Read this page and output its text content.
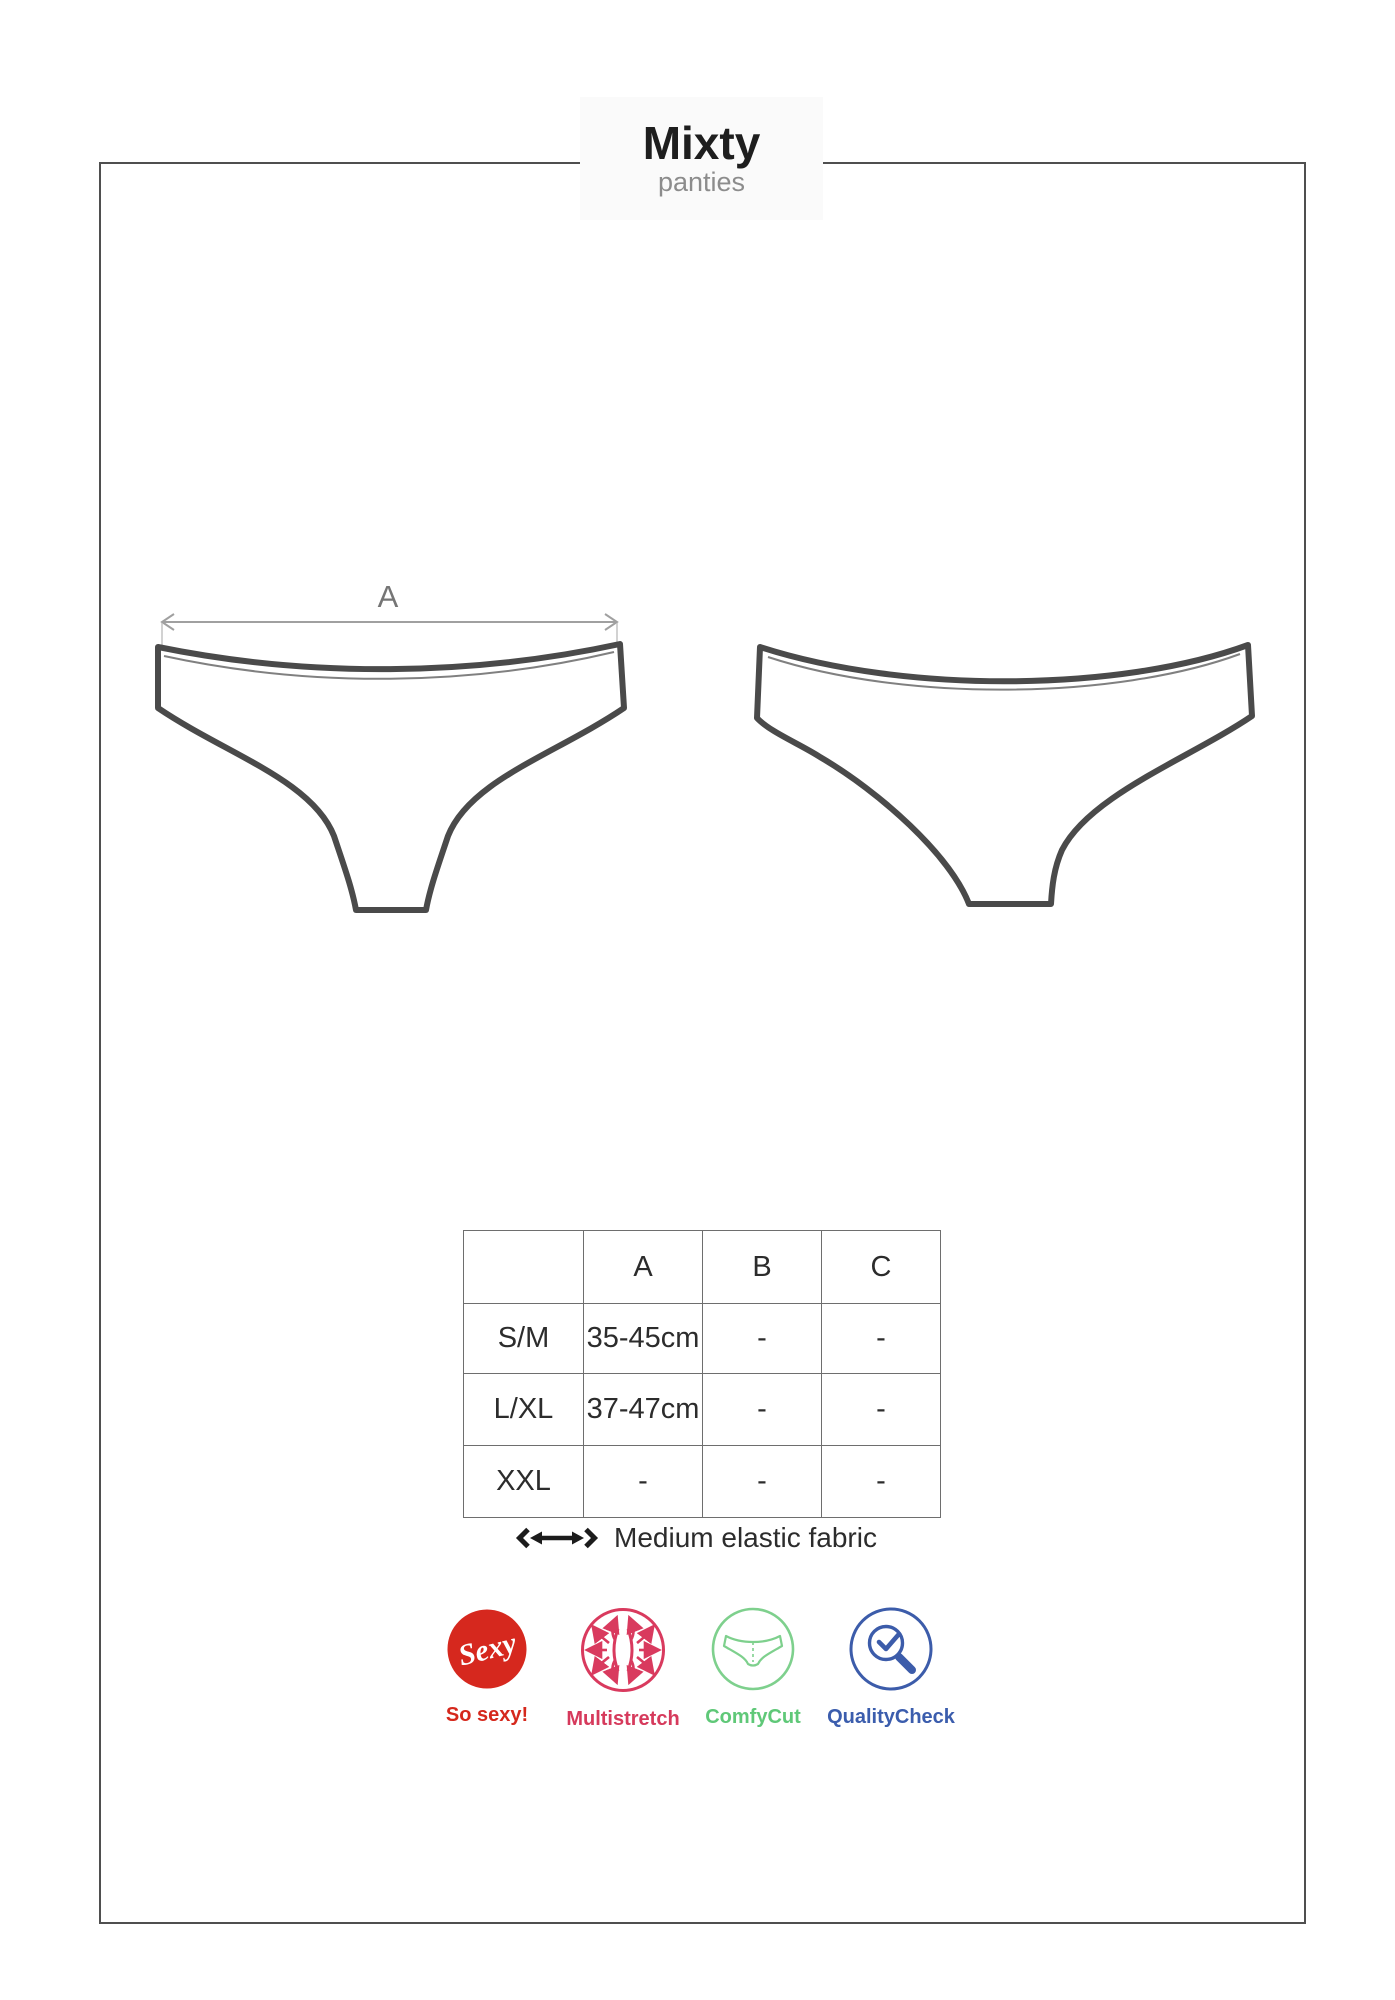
Mixty
panties
A
	A	B	C
S/M	35-45cm	-	-
L/XL	37-47cm	-	-
XXL	-	-	-
Medium elastic fabric
Sexy
So sexy! Multistretch ComfyCut QualityCheck
